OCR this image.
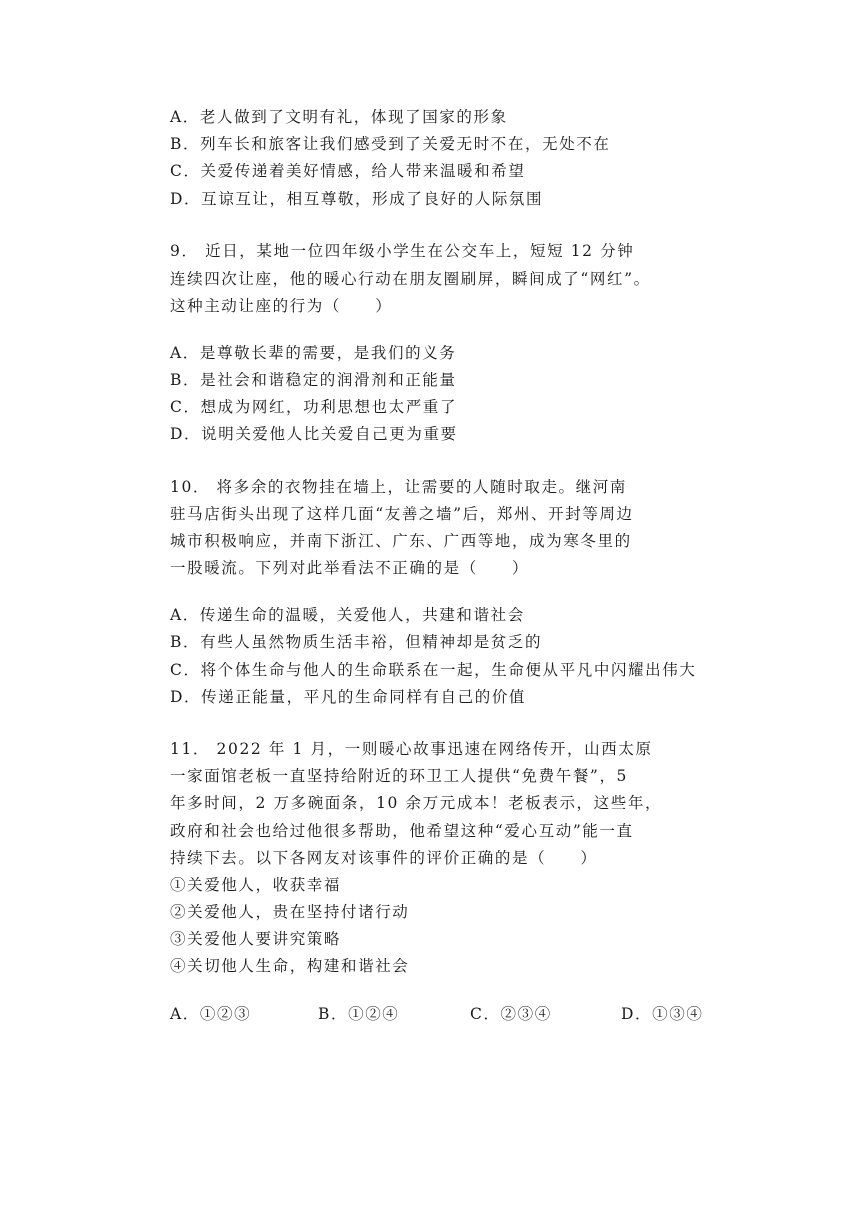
A．老人做到了文明有礼，体现了国家的形象
B．列车长和旅客让我们感受到了关爱无时不在，无处不在
C．关爱传递着美好情感，给人带来温暖和希望
D．互谅互让，相互尊敬，形成了良好的人际氛围
9． 近日，某地一位四年级小学生在公交车上，短短 12 分钟
连续四次让座，他的暖心行动在朋友圈刷屏，瞬间成了“网红”。
这种主动让座的行为（　　）
A．是尊敬长辈的需要，是我们的义务
B．是社会和谐稳定的润滑剂和正能量
C．想成为网红，功利思想也太严重了
D．说明关爱他人比关爱自己更为重要
10． 将多余的衣物挂在墙上，让需要的人随时取走。继河南
驻马店街头出现了这样几面“友善之墙”后，郑州、开封等周边
城市积极响应，并南下浙江、广东、广西等地，成为寒冬里的
一股暖流。下列对此举看法不正确的是（　　）
A．传递生命的温暖，关爱他人，共建和谐社会
B．有些人虽然物质生活丰裕，但精神却是贫乏的
C．将个体生命与他人的生命联系在一起，生命便从平凡中闪耀出伟大
D．传递正能量，平凡的生命同样有自己的价值
11． 2022 年 1 月，一则暖心故事迅速在网络传开，山西太原
一家面馆老板一直坚持给附近的环卫工人提供“免费午餐”，5
年多时间，2 万多碗面条，10 余万元成本！老板表示，这些年，
政府和社会也给过他很多帮助，他希望这种“爱心互动”能一直
持续下去。以下各网友对该事件的评价正确的是（　　）
①关爱他人，收获幸福
②关爱他人，贵在坚持付诸行动
③关爱他人要讲究策略
④关切他人生命，构建和谐社会
A．①②③	B．①②④	C．②③④	D．①③④
